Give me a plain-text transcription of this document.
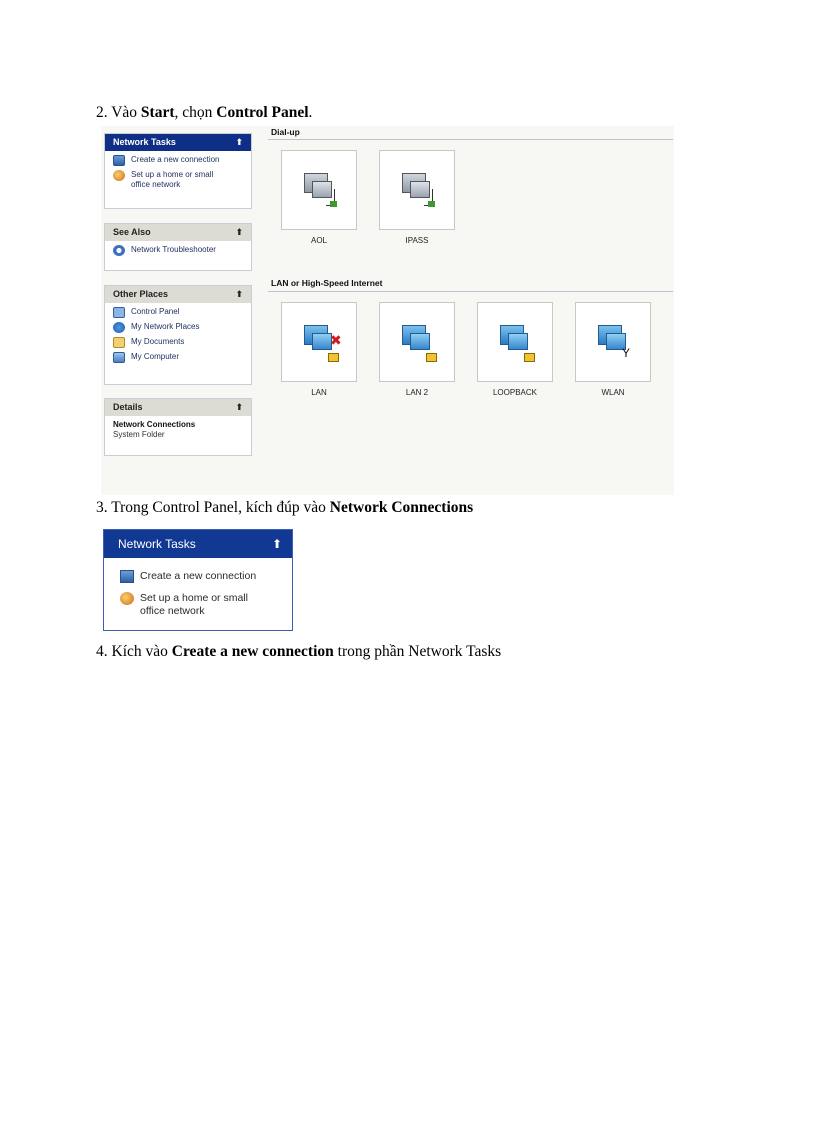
2. Vào Start, chọn Control Panel.
Network Tasks	⬆
Create a new connection
Set up a home or small
office network
See Also	⬆
Network Troubleshooter
Other Places	⬆
Control Panel
My Network Places
My Documents
My Computer
Details	⬆
Network Connections
System Folder
Dial-up
AOL	IPASS
LAN or High-Speed Internet
✖
LAN	LAN 2	LOOPBACK
Y
WLAN
3. Trong Control Panel, kích đúp vào Network Connections
Network Tasks	⬆
Create a new connection
Set up a home or small
office network
4. Kích vào Create a new connection trong phần Network Tasks
